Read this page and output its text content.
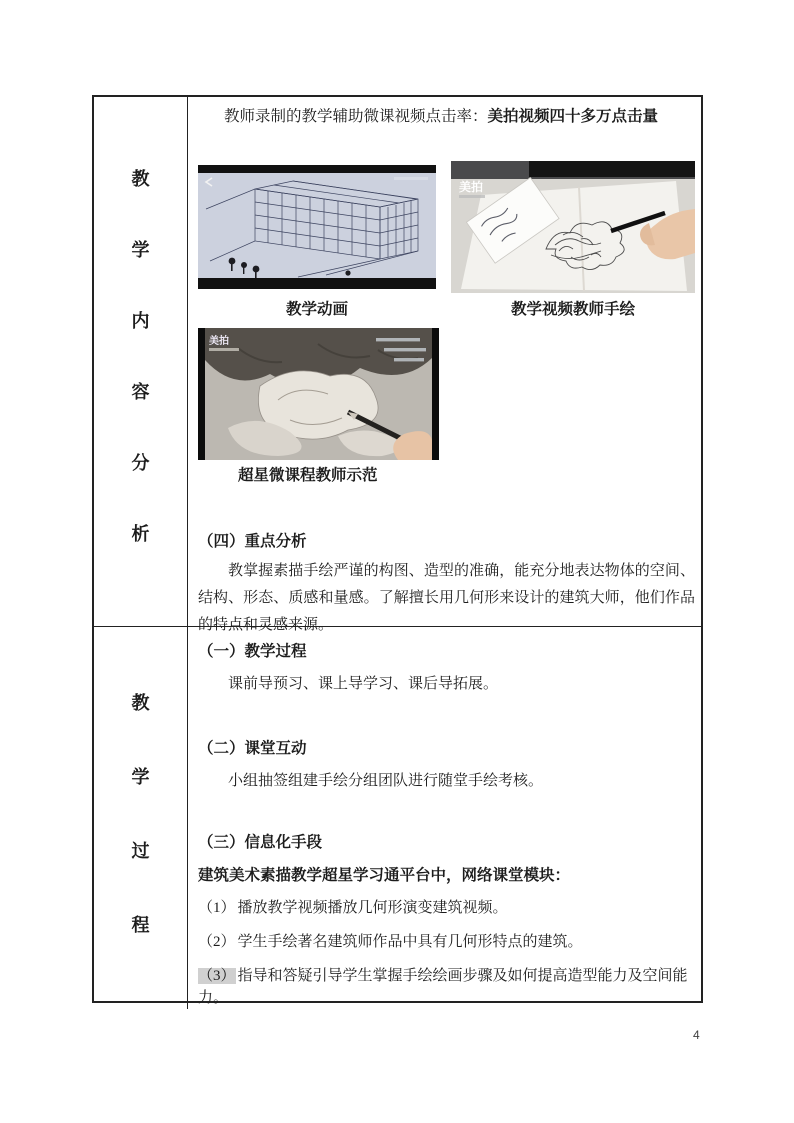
教
学
内
容
分
析
教师录制的教学辅助微课视频点击率：美拍视频四十多万点击量
美拍
教学动画	教学视频教师手绘
美拍
超星微课程教师示范
（四）重点分析
教掌握素描手绘严谨的构图、造型的准确，能充分地表达物体的空间、结构、形态、质感和量感。了解擅长用几何形来设计的建筑大师，他们作品的特点和灵感来源。
教
学
过
程
（一）教学过程
课前导预习、课上导学习、课后导拓展。
（二）课堂互动
小组抽签组建手绘分组团队进行随堂手绘考核。
（三）信息化手段
建筑美术素描教学超星学习通平台中，网络课堂模块：
（1） 播放教学视频播放几何形演变建筑视频。
（2） 学生手绘著名建筑师作品中具有几何形特点的建筑。
（3） 指导和答疑引导学生掌握手绘绘画步骤及如何提高造型能力及空间能力。
4
